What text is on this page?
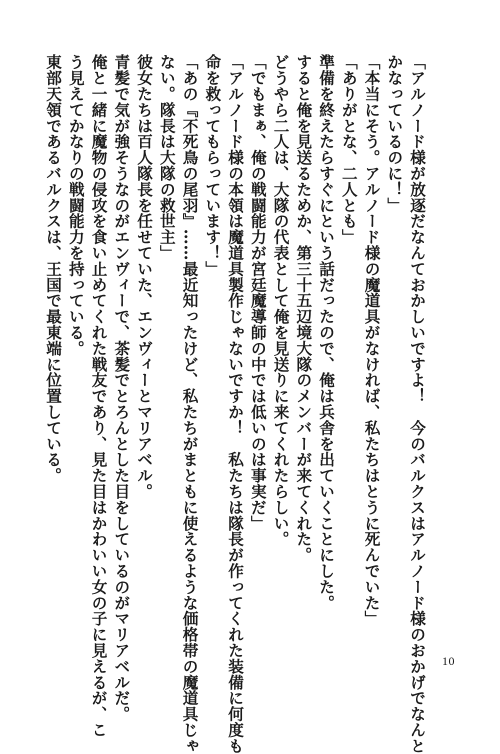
「アルノード様が放逐だなんておかしいですよ！　今のバルクスはアルノード様のおかげでなんと
かなっているのに！」
「本当にそう。アルノード様の魔道具がなければ、私たちはとうに死んでいた」
「ありがとな、二人とも」
準備を終えたらすぐにという話だったので、俺は兵舎を出ていくことにした。
すると俺を見送るためか、第三十五辺境大隊のメンバーが来てくれた。
どうやら二人は、大隊の代表として俺を見送りに来てくれたらしい。
「でもまぁ、俺の戦闘能力が宮廷魔導師の中では低いのは事実だ」
「アルノード様の本領は魔道具製作じゃないですか！　私たちは隊長が作ってくれた装備に何度も
命を救ってもらっています！」
「あの『不死鳥の尾羽』……最近知ったけど、私たちがまともに使えるような価格帯の魔道具じゃ
ない。隊長は大隊の救世主」
彼女たちは百人隊長を任せていた、エンヴィーとマリアベル。
青髪で気が強そうなのがエンヴィーで、茶髪でとろんとした目をしているのがマリアベルだ。
俺と一緒に魔物の侵攻を食い止めてくれた戦友であり、見た目はかわいい女の子に見えるが、こ
う見えてかなりの戦闘能力を持っている。
東部天領であるバルクスは、王国で最東端に位置している。
10
